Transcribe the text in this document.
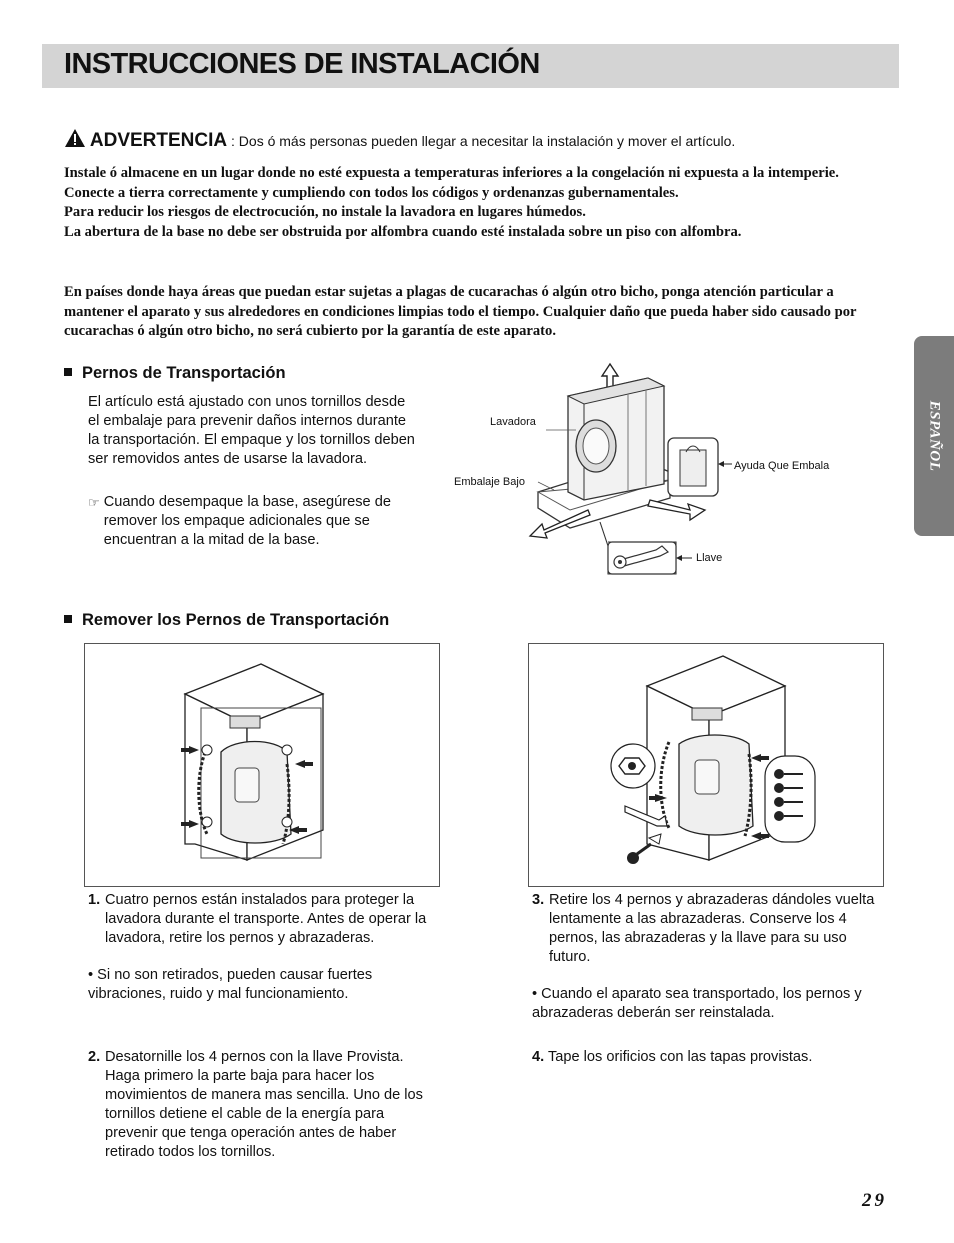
INSTRUCCIONES DE INSTALACIÓN
ESPAÑOL
ADVERTENCIA : Dos ó más personas pueden llegar a necesitar la instalación y mover el artículo.

Instale ó almacene en un lugar donde no esté expuesta a temperaturas inferiores a la congelación ni expuesta a la intemperie.

Conecte a tierra correctamente y cumpliendo con todos los códigos y ordenanzas gubernamentales.

Para reducir los riesgos de electrocución, no instale la lavadora en lugares húmedos.

La abertura de la base no debe ser obstruida por alfombra cuando esté instalada sobre un piso con alfombra.

En países donde haya áreas que puedan estar sujetas a plagas de cucarachas ó algún otro bicho, ponga atención particular a mantener el aparato y sus alrededores en condiciones limpias todo el tiempo. Cualquier daño que pueda haber sido causado por cucarachas ó algún otro bicho, no será cubierto por la garantía de este aparato.

Pernos de Transportación
El artículo está ajustado con unos tornillos desde el embalaje para prevenir daños internos durante la transportación. El empaque y los tornillos deben ser removidos antes de usarse la lavadora.
☞ Cuando desempaque la base, asegúrese de remover los empaque adicionales que se encuentran a la mitad de la base.
Lavadora
Embalaje Bajo
Ayuda Que Embala
Llave
Remover los Pernos de Transportación
1. Cuatro pernos están instalados para proteger la lavadora durante el transporte. Antes de operar la lavadora, retire los pernos y abrazaderas.
• Si no son retirados, pueden causar fuertes vibraciones, ruido y mal funcionamiento.
2. Desatornille los 4 pernos con la llave Provista. Haga primero la parte baja para hacer los movimientos de manera mas sencilla. Uno de los tornillos detiene el cable de la energía para prevenir que tenga operación antes de haber retirado todos los tornillos.
3. Retire los 4 pernos y abrazaderas dándoles vuelta lentamente a las abrazaderas. Conserve los 4 pernos, las abrazaderas y la llave para su uso futuro.
• Cuando el aparato sea transportado, los pernos y abrazaderas deberán ser reinstalada.
4. Tape los orificios con las tapas provistas.
29
